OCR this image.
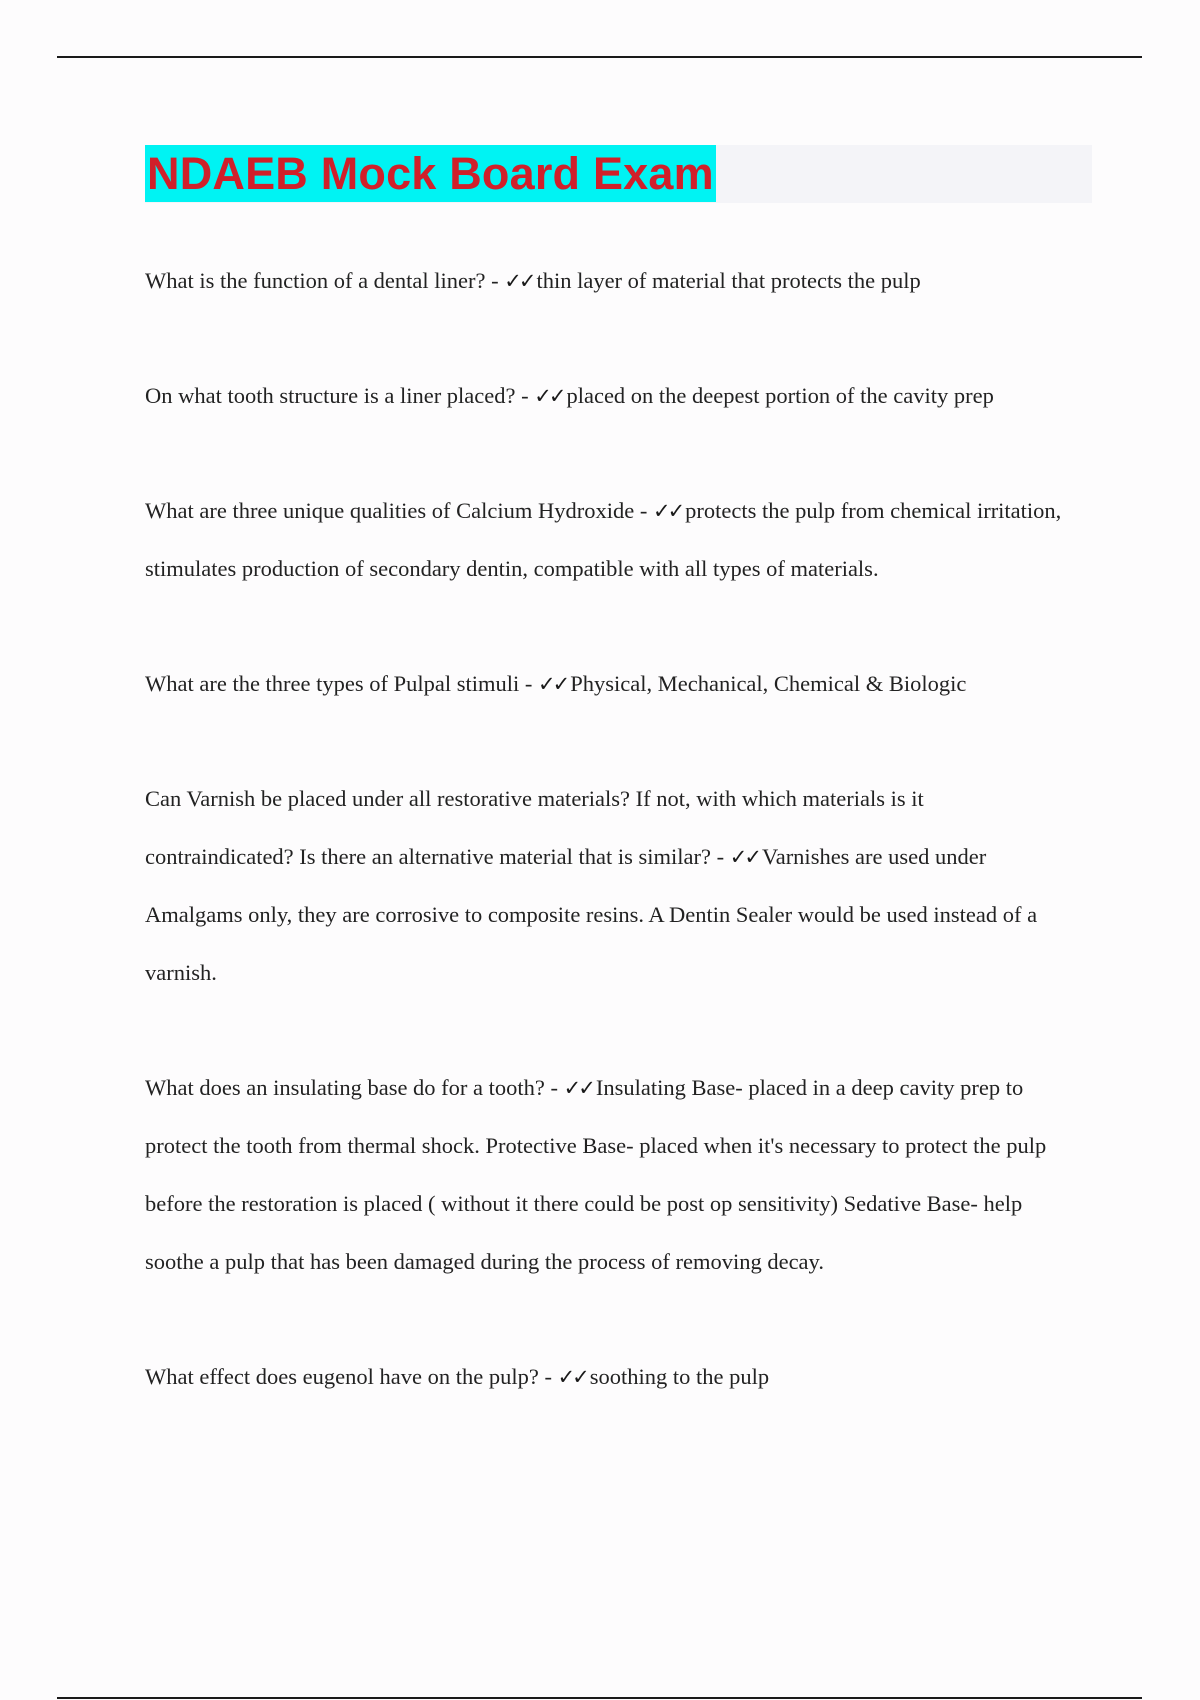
NDAEB Mock Board Exam

What is the function of a dental liner? - ✓✓ thin layer of material that protects the pulp

On what tooth structure is a liner placed? - ✓✓ placed on the deepest portion of the cavity prep

What are three unique qualities of Calcium Hydroxide - ✓✓ protects the pulp from chemical irritation, stimulates production of secondary dentin, compatible with all types of materials.

What are the three types of Pulpal stimuli - ✓✓ Physical, Mechanical, Chemical & Biologic

Can Varnish be placed under all restorative materials? If not, with which materials is it contraindicated? Is there an alternative material that is similar? - ✓✓ Varnishes are used under Amalgams only, they are corrosive to composite resins. A Dentin Sealer would be used instead of a varnish.

What does an insulating base do for a tooth? - ✓✓ Insulating Base- placed in a deep cavity prep to protect the tooth from thermal shock. Protective Base- placed when it's necessary to protect the pulp before the restoration is placed ( without it there could be post op sensitivity) Sedative Base- help soothe a pulp that has been damaged during the process of removing decay.

What effect does eugenol have on the pulp? - ✓✓ soothing to the pulp
